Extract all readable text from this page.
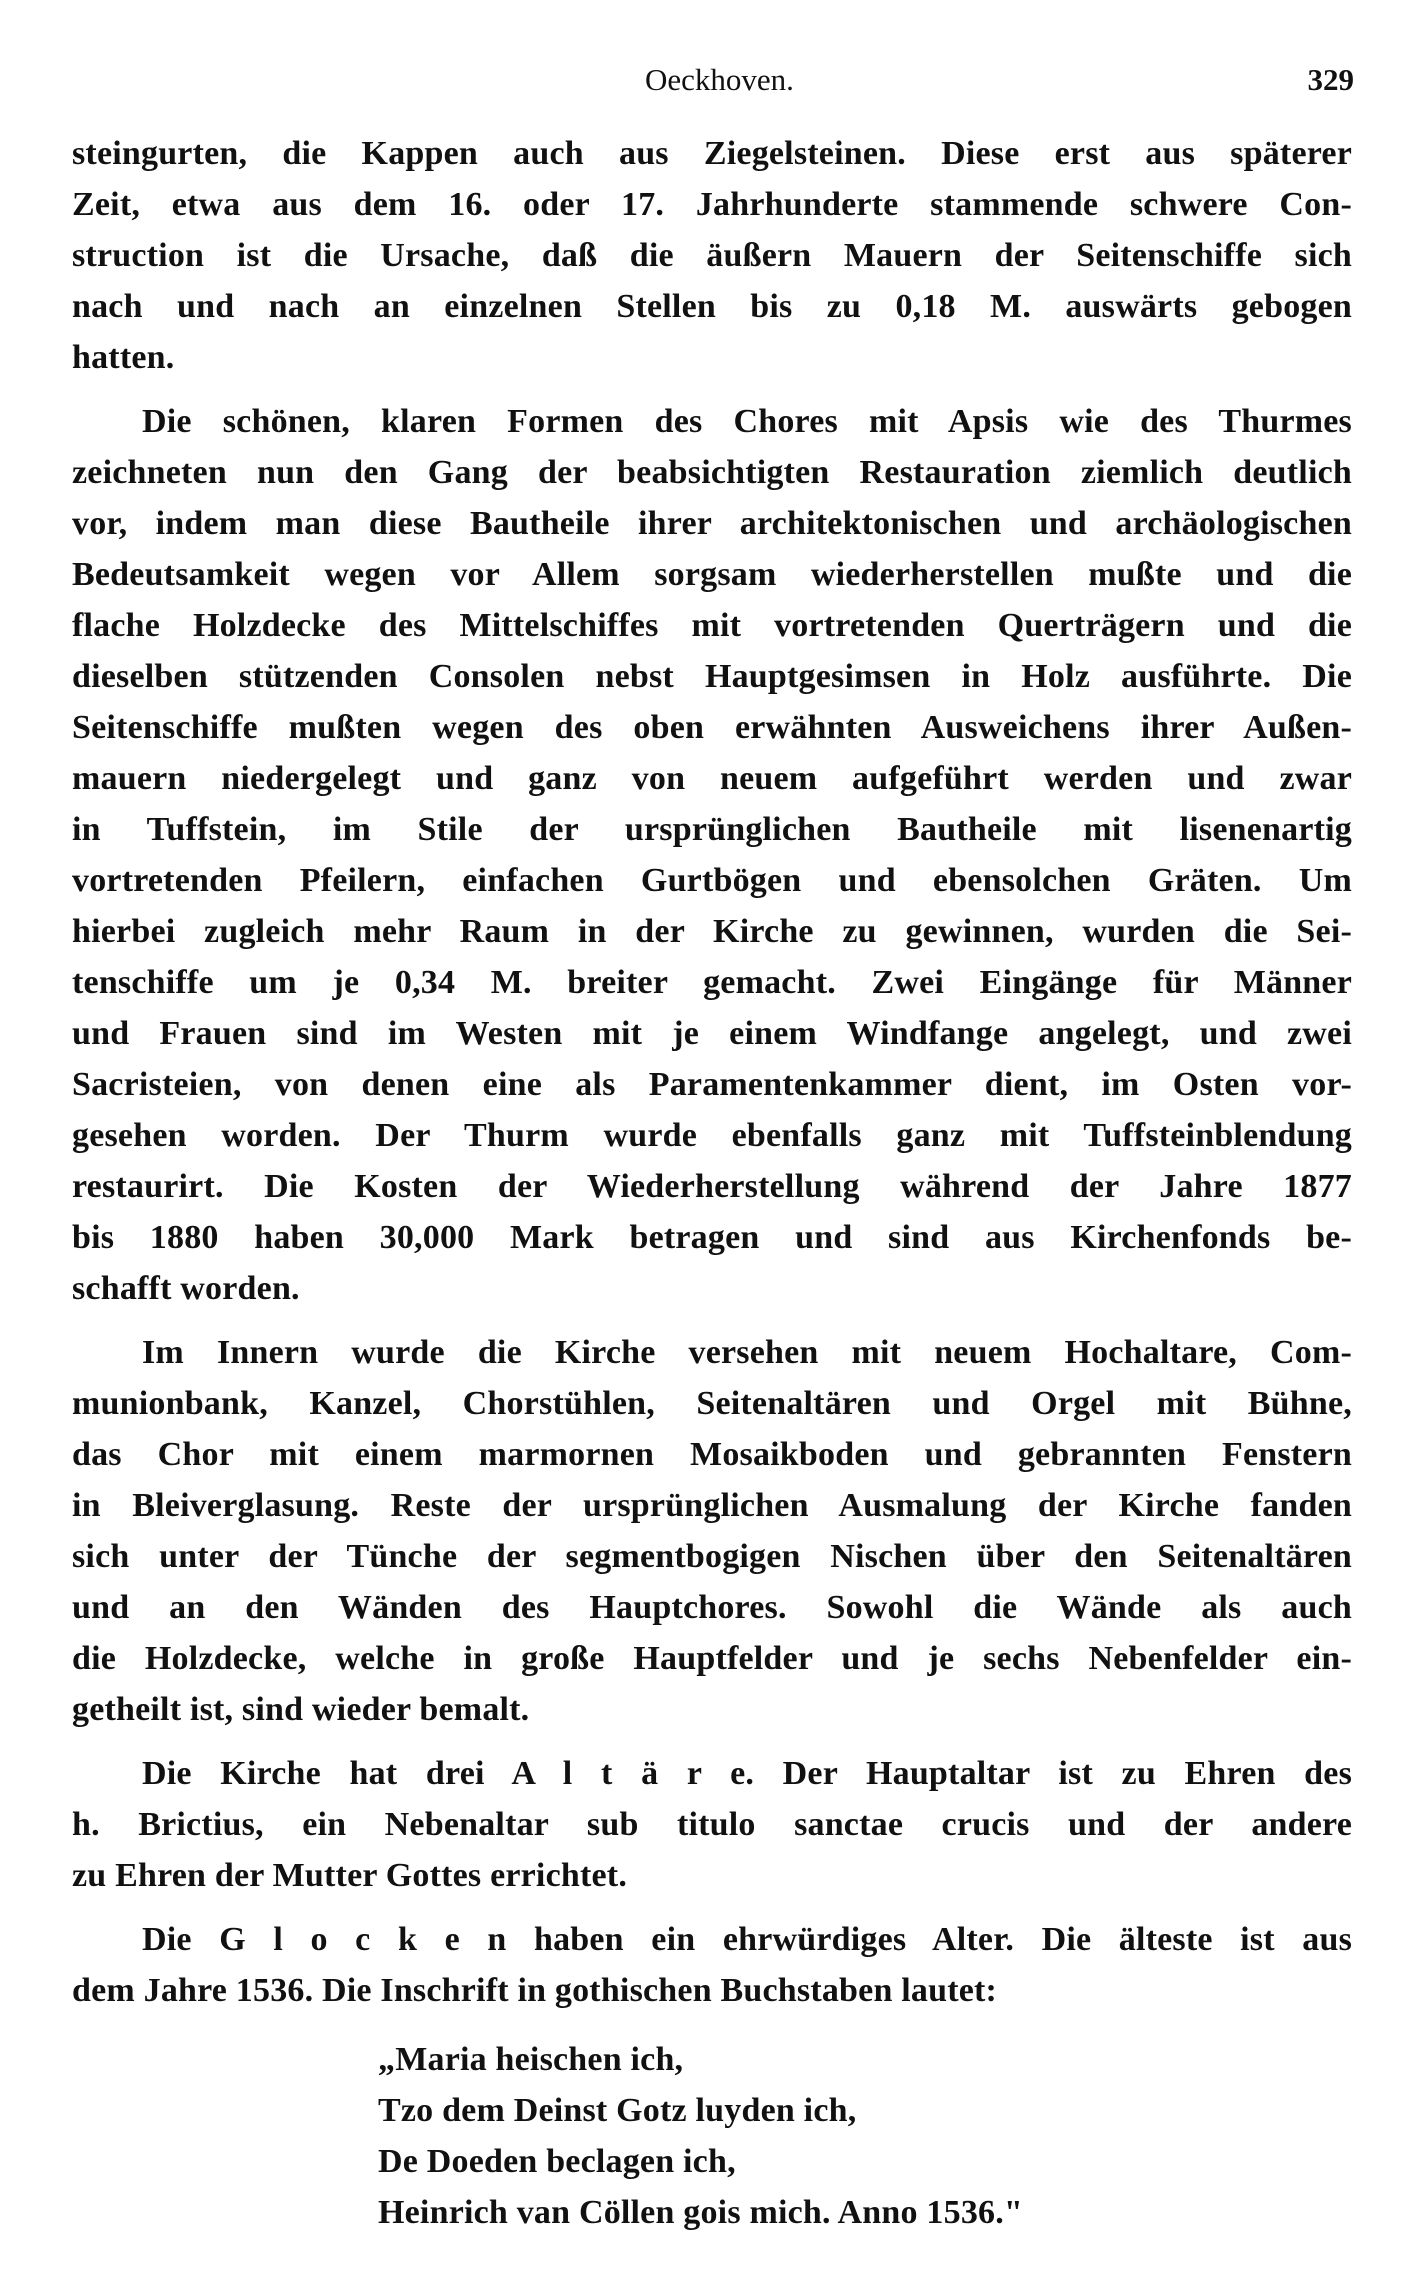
Oeckhoven.	329
steingurten, die Kappen auch aus Ziegelsteinen. Diese erst aus späterer
Zeit, etwa aus dem 16. oder 17. Jahrhunderte stammende schwere Con-
struction ist die Ursache, daß die äußern Mauern der Seitenschiffe sich
nach und nach an einzelnen Stellen bis zu 0,18 M. auswärts gebogen
hatten.
Die schönen, klaren Formen des Chores mit Apsis wie des Thurmes
zeichneten nun den Gang der beabsichtigten Restauration ziemlich deutlich
vor, indem man diese Bautheile ihrer architektonischen und archäologischen
Bedeutsamkeit wegen vor Allem sorgsam wiederherstellen mußte und die
flache Holzdecke des Mittelschiffes mit vortretenden Querträgern und die
dieselben stützenden Consolen nebst Hauptgesimsen in Holz ausführte. Die
Seitenschiffe mußten wegen des oben erwähnten Ausweichens ihrer Außen-
mauern niedergelegt und ganz von neuem aufgeführt werden und zwar
in Tuffstein, im Stile der ursprünglichen Bautheile mit lisenenartig
vortretenden Pfeilern, einfachen Gurtbögen und ebensolchen Gräten. Um
hierbei zugleich mehr Raum in der Kirche zu gewinnen, wurden die Sei-
tenschiffe um je 0,34 M. breiter gemacht. Zwei Eingänge für Männer
und Frauen sind im Westen mit je einem Windfange angelegt, und zwei
Sacristeien, von denen eine als Paramentenkammer dient, im Osten vor-
gesehen worden. Der Thurm wurde ebenfalls ganz mit Tuffsteinblendung
restaurirt. Die Kosten der Wiederherstellung während der Jahre 1877
bis 1880 haben 30,000 Mark betragen und sind aus Kirchenfonds be-
schafft worden.
Im Innern wurde die Kirche versehen mit neuem Hochaltare, Com-
munionbank, Kanzel, Chorstühlen, Seitenaltären und Orgel mit Bühne,
das Chor mit einem marmornen Mosaikboden und gebrannten Fenstern
in Bleiverglasung. Reste der ursprünglichen Ausmalung der Kirche fanden
sich unter der Tünche der segmentbogigen Nischen über den Seitenaltären
und an den Wänden des Hauptchores. Sowohl die Wände als auch
die Holzdecke, welche in große Hauptfelder und je sechs Nebenfelder ein-
getheilt ist, sind wieder bemalt.
Die Kirche hat drei A l t ä r e. Der Hauptaltar ist zu Ehren des
h. Brictius, ein Nebenaltar sub titulo sanctae crucis und der andere
zu Ehren der Mutter Gottes errichtet.
Die G l o c k e n haben ein ehrwürdiges Alter. Die älteste ist aus
dem Jahre 1536. Die Inschrift in gothischen Buchstaben lautet:
„Maria heischen ich,
Tzo dem Deinst Gotz luyden ich,
De Doeden beclagen ich,
Heinrich van Cöllen gois mich. Anno 1536."
